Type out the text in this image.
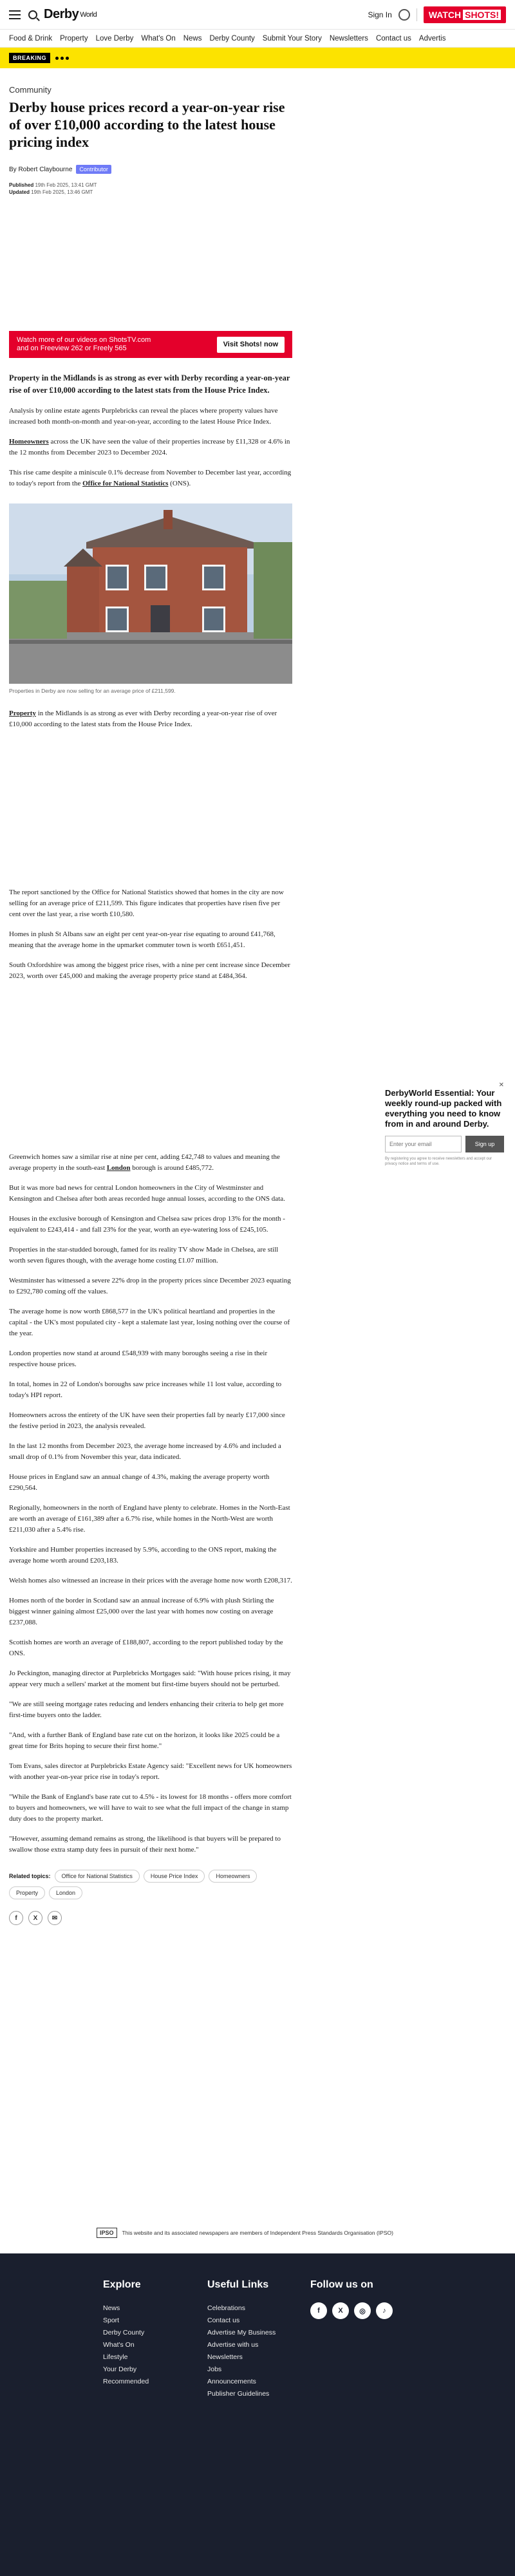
Derby World	Sign In	WATCH SHOTS!
Food & Drink Property Love Derby What's On News Derby County Submit Your Story Newsletters Contact us Advertis
BREAKING
Community
Derby house prices record a year-on-year rise of over £10,000 according to the latest house pricing index
By Robert Claybourne	Contributor
Published 19th Feb 2025, 13:41 GMT
Updated 19th Feb 2025, 13:46 GMT
Watch more of our videos on ShotsTV.com
and on Freeview 262 or Freely 565
Visit Shots! now

Property in the Midlands is as strong as ever with Derby recording a year-on-year rise of over £10,000 according to the latest stats from the House Price Index.

Analysis by online estate agents Purplebricks can reveal the places where property values have increased both month-on-month and year-on-year, according to the latest House Price Index.

Homeowners across the UK have seen the value of their properties increase by £11,328 or 4.6% in the 12 months from December 2023 to December 2024.

This rise came despite a miniscule 0.1% decrease from November to December last year, according to today's report from the Office for National Statistics (ONS).

Properties in Derby are now selling for an average price of £211,599.

Property in the Midlands is as strong as ever with Derby recording a year-on-year rise of over £10,000 according to the latest stats from the House Price Index.

The report sanctioned by the Office for National Statistics showed that homes in the city are now selling for an average price of £211,599. This figure indicates that properties have risen five per cent over the last year, a rise worth £10,580.

Homes in plush St Albans saw an eight per cent year-on-year rise equating to around £41,768, meaning that the average home in the upmarket commuter town is worth £651,451.

South Oxfordshire was among the biggest price rises, with a nine per cent increase since December 2023, worth over £45,000 and making the average property price stand at £484,364.

Greenwich homes saw a similar rise at nine per cent, adding £42,748 to values and meaning the average property in the south-east London borough is around £485,772.

But it was more bad news for central London homeowners in the City of Westminster and Kensington and Chelsea after both areas recorded huge annual losses, according to the ONS data.

Houses in the exclusive borough of Kensington and Chelsea saw prices drop 13% for the month - equivalent to £243,414 - and fall 23% for the year, worth an eye-watering loss of £245,105.

Properties in the star-studded borough, famed for its reality TV show Made in Chelsea, are still worth seven figures though, with the average home costing £1.07 million.

Westminster has witnessed a severe 22% drop in the property prices since December 2023 equating to £292,780 coming off the values.

The average home is now worth £868,577 in the UK's political heartland and properties in the capital - the UK's most populated city - kept a stalemate last year, losing nothing over the course of the year.

London properties now stand at around £548,939 with many boroughs seeing a rise in their respective house prices.

In total, homes in 22 of London's boroughs saw price increases while 11 lost value, according to today's HPI report.

Homeowners across the entirety of the UK have seen their properties fall by nearly £17,000 since the festive period in 2023, the analysis revealed.

In the last 12 months from December 2023, the average home increased by 4.6% and included a small drop of 0.1% from November this year, data indicated.

House prices in England saw an annual change of 4.3%, making the average property worth £290,564.

Regionally, homeowners in the north of England have plenty to celebrate. Homes in the North-East are worth an average of £161,389 after a 6.7% rise, while homes in the North-West are worth £211,030 after a 5.4% rise.

Yorkshire and Humber properties increased by 5.9%, according to the ONS report, making the average home worth around £203,183.

Welsh homes also witnessed an increase in their prices with the average home now worth £208,317.

Homes north of the border in Scotland saw an annual increase of 6.9% with plush Stirling the biggest winner gaining almost £25,000 over the last year with homes now costing on average £237,088.

Scottish homes are worth an average of £188,807, according to the report published today by the ONS.

Jo Peckington, managing director at Purplebricks Mortgages said: "With house prices rising, it may appear very much a sellers' market at the moment but first-time buyers should not be perturbed.

"We are still seeing mortgage rates reducing and lenders enhancing their criteria to help get more first-time buyers onto the ladder.

"And, with a further Bank of England base rate cut on the horizon, it looks like 2025 could be a great time for Brits hoping to secure their first home."

Tom Evans, sales director at Purplebricks Estate Agency said: "Excellent news for UK homeowners with another year-on-year price rise in today's report.

"While the Bank of England's base rate cut to 4.5% - its lowest for 18 months - offers more comfort to buyers and homeowners, we will have to wait to see what the full impact of the change in stamp duty does to the property market.

"However, assuming demand remains as strong, the likelihood is that buyers will be prepared to swallow those extra stamp duty fees in pursuit of their next home."

Related topics:	Office for National Statistics	House Price Index	Homeowners
Property	London
f	X	✉
✕
DerbyWorld Essential: Your weekly round-up packed with everything you need to know from in and around Derby.
Enter your email	Sign up
By registering you agree to receive newsletters and accept our privacy notice and terms of use.
IPSO	This website and its associated newspapers are members of Independent Press Standards Organisation (IPSO)
Explore
News
Sport
Derby County
What's On
Lifestyle
Your Derby
Recommended
Useful Links
Celebrations
Contact us
Advertise My Business
Advertise with us
Newsletters
Jobs
Announcements
Publisher Guidelines
Follow us on
f	X	◎	♪
